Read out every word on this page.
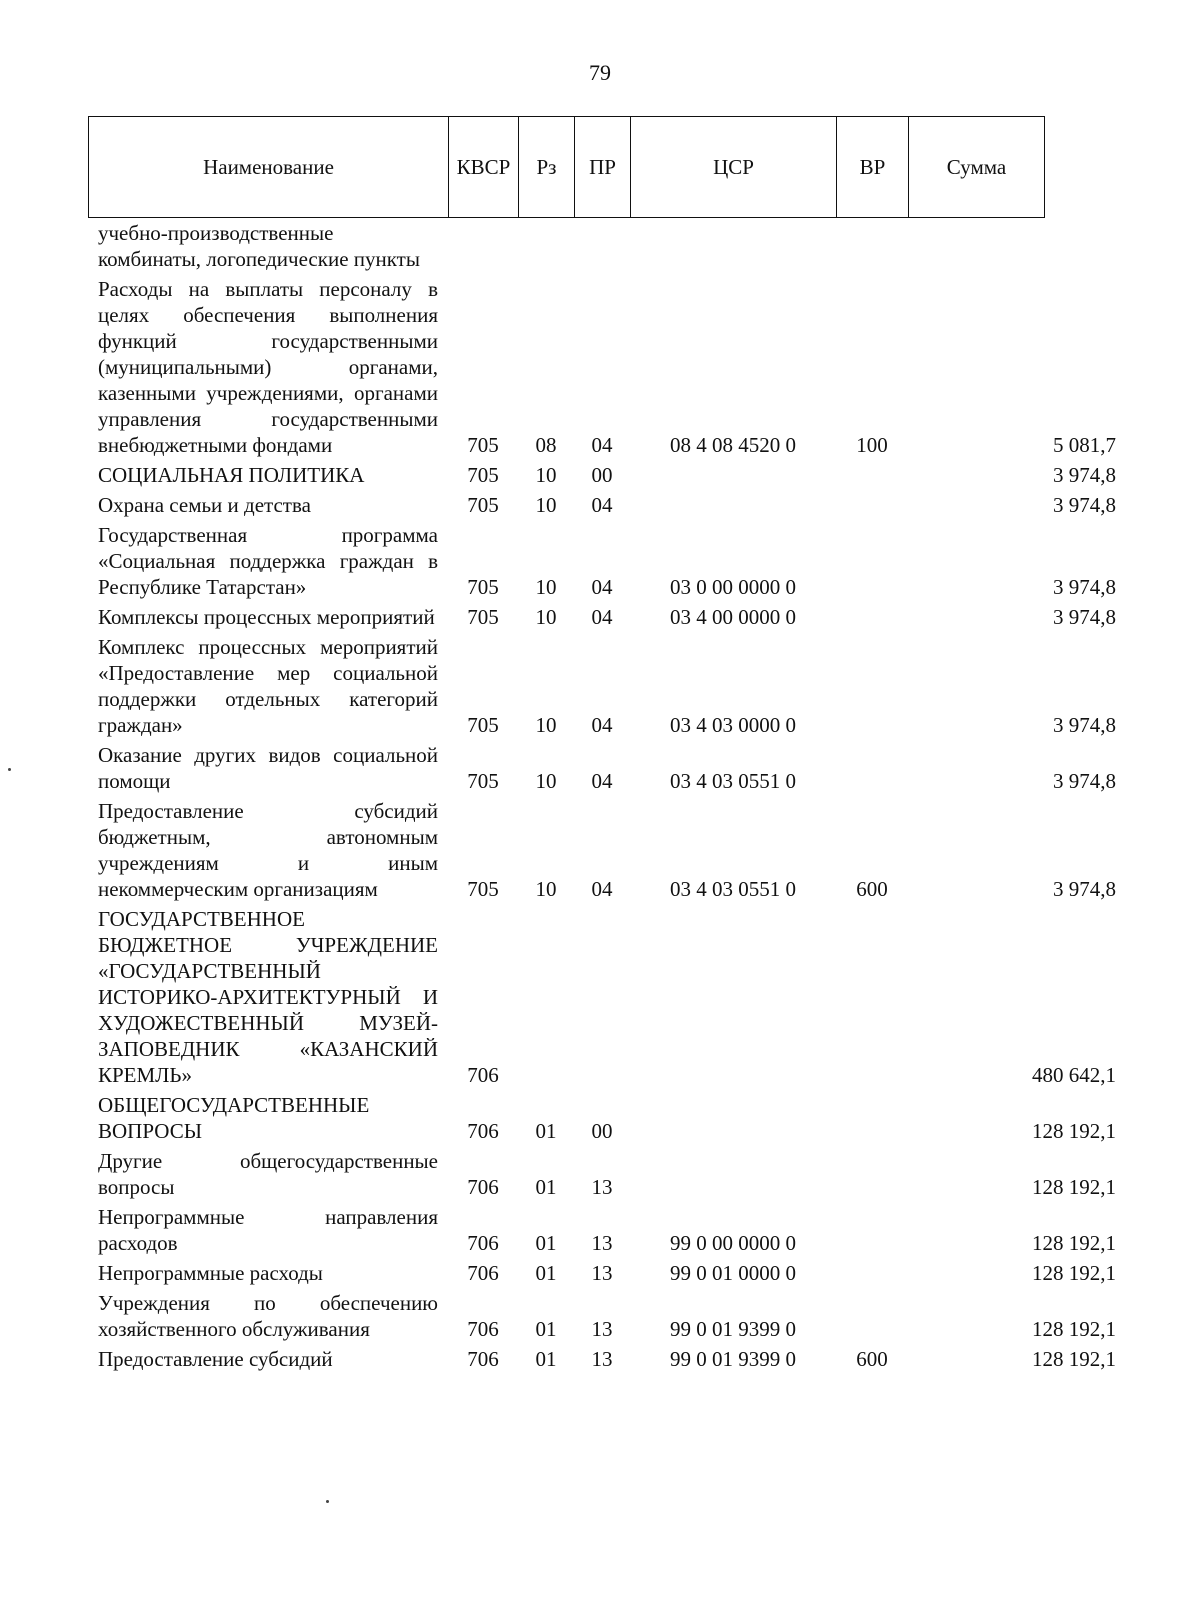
79
Наименование	КВСР	Рз	ПР	ЦСР	ВР	Сумма
учебно-производственные комбинаты, логопедические пункты						
Расходы на выплаты персоналу в целях обеспечения выполнения функций государственными (муниципальными) органами, казенными учреждениями, органами управления государственными внебюджетными фондами	705	08	04	08 4 08 4520 0	100	5 081,7
СОЦИАЛЬНАЯ ПОЛИТИКА	705	10	00			3 974,8
Охрана семьи и детства	705	10	04			3 974,8
Государственная программа «Социальная поддержка граждан в Республике Татарстан»	705	10	04	03 0 00 0000 0		3 974,8
Комплексы процессных мероприятий	705	10	04	03 4 00 0000 0		3 974,8
Комплекс процессных мероприятий «Предоставление мер социальной поддержки отдельных категорий граждан»	705	10	04	03 4 03 0000 0		3 974,8
Оказание других видов социальной помощи	705	10	04	03 4 03 0551 0		3 974,8
Предоставление субсидий бюджетным, автономным учреждениям и иным некоммерческим организациям	705	10	04	03 4 03 0551 0	600	3 974,8
ГОСУДАРСТВЕННОЕ БЮДЖЕТНОЕ УЧРЕЖДЕНИЕ «ГОСУДАРСТВЕННЫЙ ИСТОРИКО-АРХИТЕКТУРНЫЙ И ХУДОЖЕСТВЕННЫЙ МУЗЕЙ-ЗАПОВЕДНИК «КАЗАНСКИЙ КРЕМЛЬ»	706					480 642,1
ОБЩЕГОСУДАРСТВЕННЫЕ ВОПРОСЫ	706	01	00			128 192,1
Другие общегосударственные вопросы	706	01	13			128 192,1
Непрограммные направления расходов	706	01	13	99 0 00 0000 0		128 192,1
Непрограммные расходы	706	01	13	99 0 01 0000 0		128 192,1
Учреждения по обеспечению хозяйственного обслуживания	706	01	13	99 0 01 9399 0		128 192,1
Предоставление субсидий	706	01	13	99 0 01 9399 0	600	128 192,1
